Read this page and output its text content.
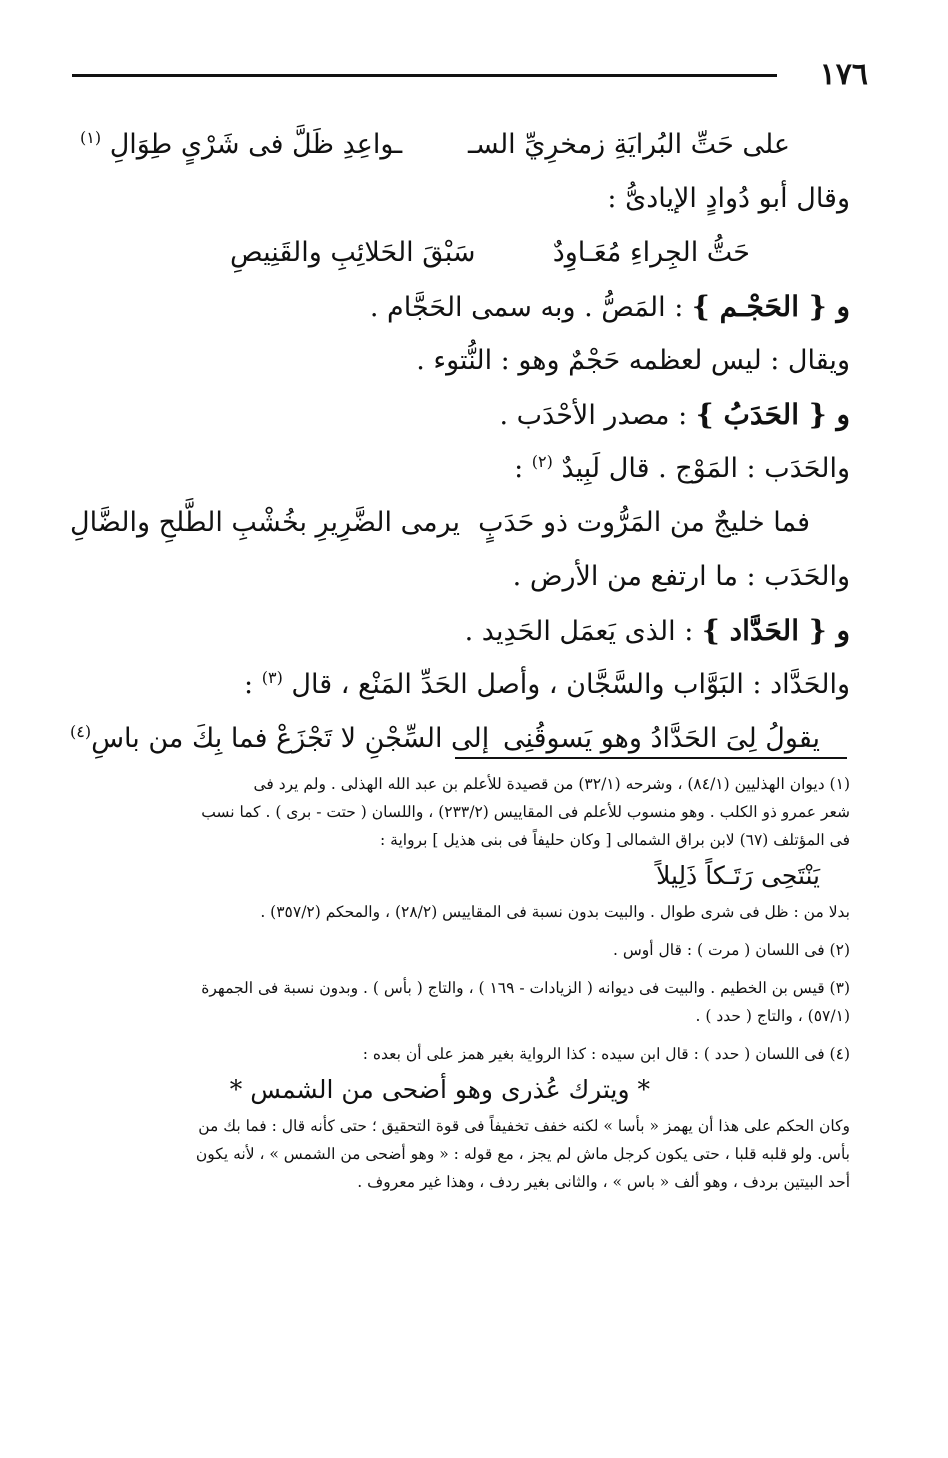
١٧٦
على حَتِّ البُرايَةِ زمخرِيِّ السـ
ـواعِدِ ظَلَّ فى شَرْىٍ طِوَالِ $^{(١)}$
وقال أبو دُوادٍ الإيادىُّ :
حَتُّ الجِراءِ مُعَـاوِدٌ
سَبْقَ الحَلائِبِ والقَنِيصِ
و { الحَجْـم } : المَصُّ . وبه سمى الحَجَّام .
ويقال : ليس لعظمه حَجْمٌ وهو : النُّتوء .
و { الحَدَبُ } : مصدر الأحْدَب .
والحَدَب : المَوْج . قال لَبِيدٌ $^{(٢)}$ :
فما خليجٌ من المَرُّوت ذو حَدَبٍ
يرمى الضَّرِيرِ بخُشْبِ الطَّلحِ والضَّالِ
والحَدَب : ما ارتفع من الأرض .
و { الحَدَّاد } : الذى يَعمَل الحَدِيد .
والحَدَّاد : البَوَّاب والسَّجَّان ، وأصل الحَدِّ المَنْع ، قال $^{(٣)}$ :
يقولُ لِىَ الحَدَّادُ وهو يَسوقُنِى
إلى السِّجْنِ لا تَجْزَعْ فما بِكَ من باسِ$^{(٤)}$
(١) ديوان الهذليين (٨٤/١) ، وشرحه (٣٢/١) من قصيدة للأعلم بن عبد الله الهذلى . ولم يرد فى
شعر عمرو ذو الكلب . وهو منسوب للأعلم فى المقاييس (٢٣٣/٢) ، واللسان ( حتت - برى ) . كما نسب
فى المؤتلف (٦٧) لابن براق الشمالى [ وكان حليفاً فى بنى هذيل ] برواية :
يَنْتَحِى رَتَـكاً ذَلِيلاً
بدلا من : ظل فى شرى طوال . والبيت بدون نسبة فى المقاييس (٢٨/٢) ، والمحكم (٣٥٧/٢) .
(٢) فى اللسان ( مرت ) : قال أوس .
(٣) قيس بن الخطيم . والبيت فى ديوانه ( الزيادات - ١٦٩ ) ، والتاج ( بأس ) . وبدون نسبة فى الجمهرة
(٥٧/١) ، والتاج ( حدد ) .
(٤) فى اللسان ( حدد ) : قال ابن سيده : كذا الرواية بغير همز على أن بعده :
* ويترك عُذرى وهو أضحى من الشمس *
وكان الحكم على هذا أن يهمز « بأسا » لكنه خفف تخفيفاً فى قوة التحقيق ؛ حتى كأنه قال : فما بك من
بأس. ولو قلبه قلبا ، حتى يكون كرجل ماش لم يجز ، مع قوله : « وهو أضحى من الشمس » ، لأنه يكون
أحد البيتين بردف ، وهو ألف « باس » ، والثانى بغير ردف ، وهذا غير معروف .
